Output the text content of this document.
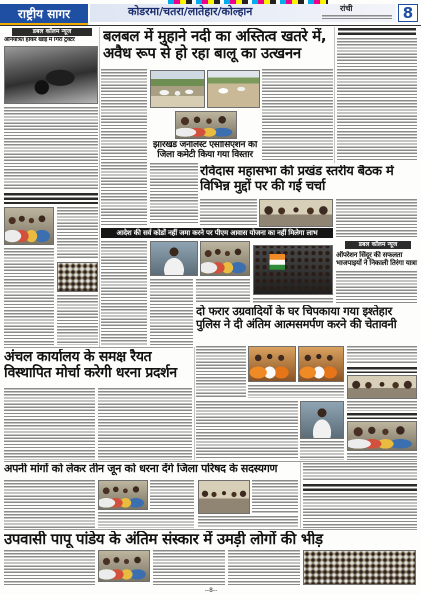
राष्ट्रीय सागर	कोडरमा/चतरा/लातेहार/कोल्हान	रांची	8
डबल कॉलम न्यूज
अनियंत्रित होकर खाई में गिरा ट्रैक्टर	बलबल में मुहाने नदी का अस्तित्व खतरे में, अवैध रूप से हो रहा बालू का उत्खनन
झारखंड जर्नलिस्ट एसोसिएशन की जिला कमेटी किया गया विस्तार
रविदास महासभा की प्रखंड स्तरीय बैठक में विभिन्न मुद्दों पर की गई चर्चा
आदेश की सर्व कोडों नहीं जमा करने पर पीएम आवास योजना का नहीं मिलेगा लाभ
डबल कॉलम न्यूज
ऑपरेशन सिंदूर की सफलता भाजपाइयों ने निकाली तिरंगा यात्रा
दो फरार उग्रवादियों के घर चिपकाया गया इश्तेहार पुलिस ने दी अंतिम आत्मसमर्पण करने की चेतावनी
अंचल कार्यालय के समक्ष रैयत विस्थापित मोर्चा करेगी धरना प्रदर्शन
अपनी मांगों को लेकर तीन जून को धरना देंगे जिला परिषद के सदस्यगण
उपवासी पापू पांडेय के अंतिम संस्कार में उमड़ी लोगों की भीड़
--8--
